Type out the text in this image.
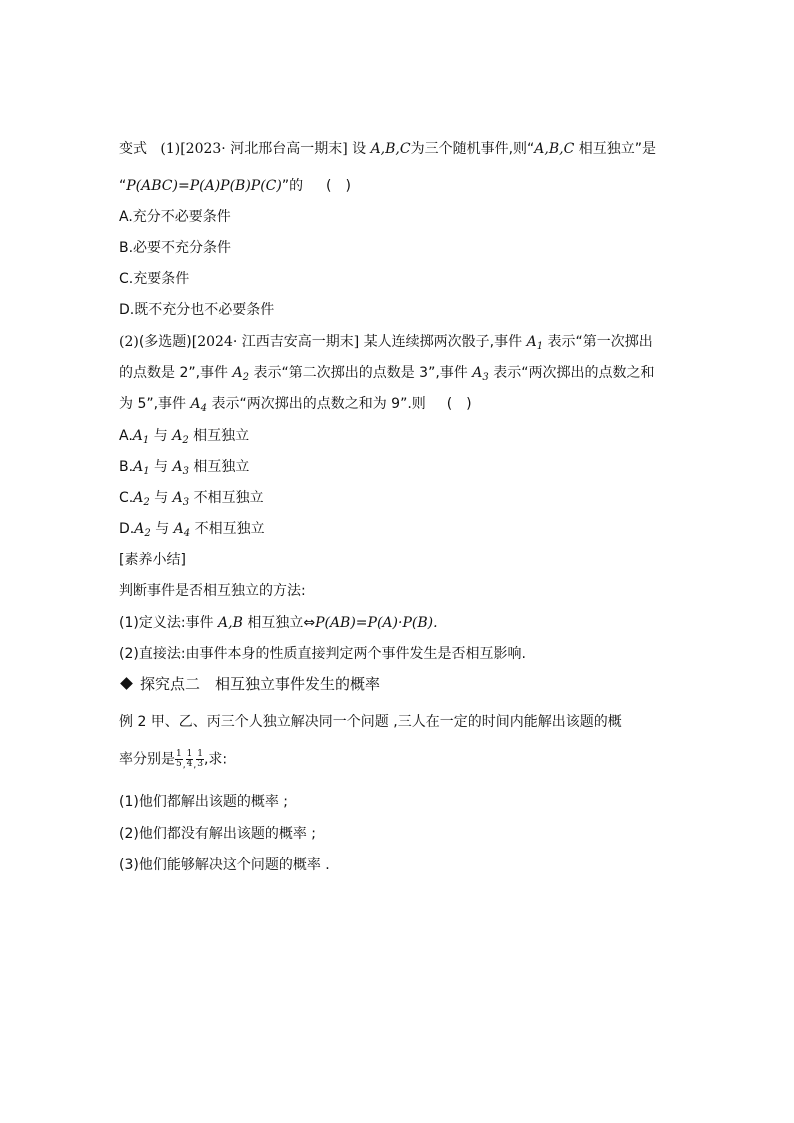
变式 (1)[2023· 河北邢台高一期末] 设 A,B,C为三个随机事件,则“A,B,C 相互独立”是
“P(ABC)=P(A)P(B)P(C)”的 (　)
A.充分不必要条件
B.必要不充分条件
C.充要条件
D.既不充分也不必要条件
(2)(多选题)[2024· 江西吉安高一期末] 某人连续掷两次骰子,事件 $A_1$ 表示“第一次掷出
的点数是 2”,事件 $A_2$ 表示“第二次掷出的点数是 3”,事件 $A_3$ 表示“两次掷出的点数之和
为 5”,事件 $A_4$ 表示“两次掷出的点数之和为 9”.则 (　)
$A.A_1$ 与 $A_2$ 相互独立
$B.A_1$ 与 $A_3$ 相互独立
$C.A_2$ 与 $A_3$ 不相互独立
$D.A_2$ 与 $A_4$ 不相互独立
[素养小结]
判断事件是否相互独立的方法:
(1)定义法:事件 A,B 相互独立⇔P(AB)=P(A)·P(B).
(2)直接法:由事件本身的性质直接判定两个事件发生是否相互影响.
探究点二　相互独立事件发生的概率
例 2 甲、乙、丙三个人独立解决同一个问题 ,三人在一定的时间内能解出该题的概
率分别是 $\frac{1}{5} _, \frac{1}{4} _, \frac{1}{3}$ ,求:
(1)他们都解出该题的概率 ;
(2)他们都没有解出该题的概率 ;
(3)他们能够解决这个问题的概率 .
